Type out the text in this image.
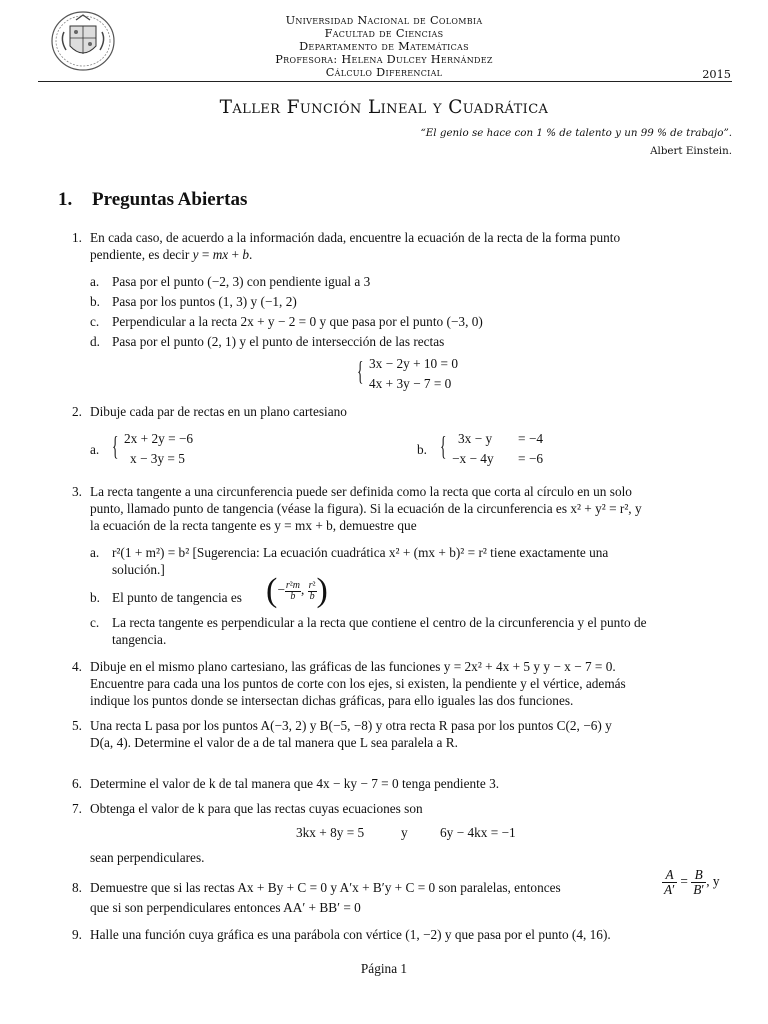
Universidad Nacional de Colombia
Facultad de Ciencias
Departamento de Matemáticas
Profesora: Helena Dulcey Hernández
Cálculo Diferencial	2015
Taller Función Lineal y Cuadrática
“El genio se hace con 1 % de talento y un 99 % de trabajo”.
Albert Einstein.
1. Preguntas Abiertas
1. En cada caso, de acuerdo a la información dada, encuentre la ecuación de la recta de la forma punto
pendiente, es decir y = mx + b.
a. Pasa por el punto (−2, 3) con pendiente igual a 3
b. Pasa por los puntos (1, 3) y (−1, 2)
c. Perpendicular a la recta 2x + y − 2 = 0 y que pasa por el punto (−3, 0)
d. Pasa por el punto (2, 1) y el punto de intersección de las rectas
{ 3x − 2y + 10 = 0
4x + 3y − 7 = 0
2. Dibuje cada par de rectas en un plano cartesiano
a. { 2x + 2y = −6
x − 3y = 5
b. { 3x − y = −4
−x − 4y = −6
3. La recta tangente a una circunferencia puede ser definida como la recta que corta al círculo en un solo
punto, llamado punto de tangencia (véase la figura). Si la ecuación de la circunferencia es x² + y² = r², y
la ecuación de la recta tangente es y = mx + b, demuestre que
a. r²(1 + m²) = b² [Sugerencia: La ecuación cuadrática x² + (mx + b)² = r² tiene exactamente una
solución.]
b. El punto de tangencia es (− $\frac{\text{r²m}}{b}$ , $\frac{\text{r²}}{b}$ )
c. La recta tangente es perpendicular a la recta que contiene el centro de la circunferencia y el punto de
tangencia.
4. Dibuje en el mismo plano cartesiano, las gráficas de las funciones y = 2x² + 4x + 5 y y − x − 7 = 0.
Encuentre para cada una los puntos de corte con los ejes, si existen, la pendiente y el vértice, además
indique los puntos donde se intersectan dichas gráficas, para ello iguales las dos funciones.
5. Una recta L pasa por los puntos A(−3, 2) y B(−5, −8) y otra recta R pasa por los puntos C(2, −6) y
D(a, 4). Determine el valor de a de tal manera que L sea paralela a R.
6. Determine el valor de k de tal manera que 4x − ky − 7 = 0 tenga pendiente 3.
7. Obtenga el valor de k para que las rectas cuyas ecuaciones son
3kx + 8y = 5	y 6y − 4kx = −1
sean perpendiculares.
8. Demuestre que si las rectas Ax + By + C = 0 y A′x + B′y + C = 0 son paralelas, entonces	$\frac{A}{A'} = \frac{B}{B'}$ , y
que si son perpendiculares entonces AA′ + BB′ = 0
9. Halle una función cuya gráfica es una parábola con vértice (1, −2) y que pasa por el punto (4, 16).
Página 1
